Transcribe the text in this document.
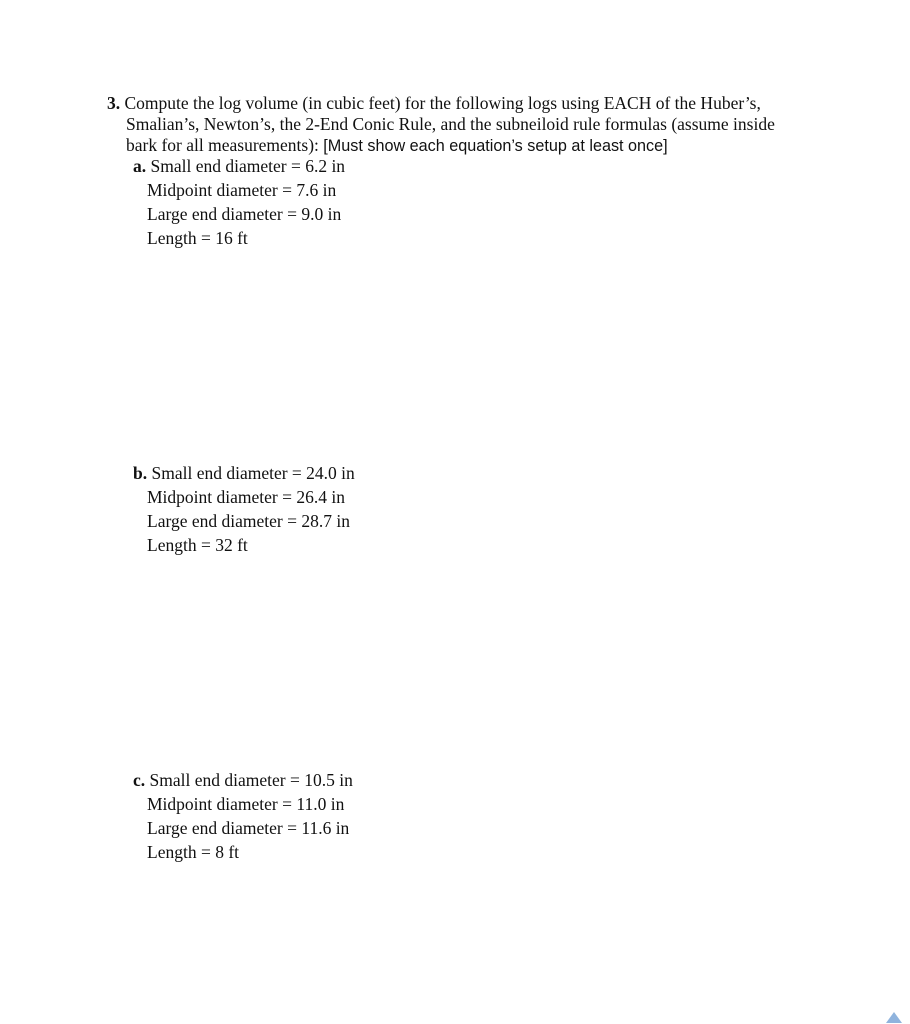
3. Compute the log volume (in cubic feet) for the following logs using EACH of the Huber’s,
Smalian’s, Newton’s, the 2-End Conic Rule, and the subneiloid rule formulas (assume inside
bark for all measurements): [Must show each equation’s setup at least once]
a. Small end diameter = 6.2 in
Midpoint diameter = 7.6 in
Large end diameter = 9.0 in
Length = 16 ft
b. Small end diameter = 24.0 in
Midpoint diameter = 26.4 in
Large end diameter = 28.7 in
Length = 32 ft
c. Small end diameter = 10.5 in
Midpoint diameter = 11.0 in
Large end diameter = 11.6 in
Length = 8 ft
